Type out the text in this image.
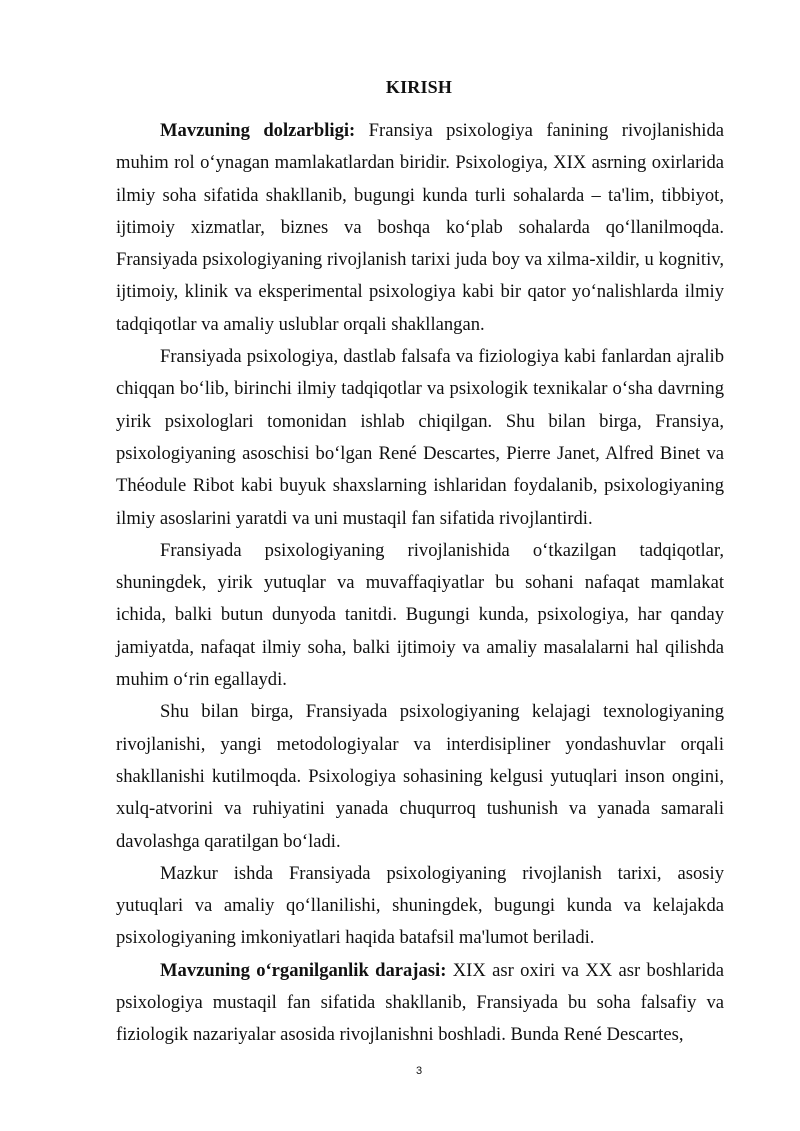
KIRISH

Mavzuning dolzarbligi: Fransiya psixologiya fanining rivojlanishida muhim rol o‘ynagan mamlakatlardan biridir. Psixologiya, XIX asrning oxirlarida ilmiy soha sifatida shakllanib, bugungi kunda turli sohalarda – ta'lim, tibbiyot, ijtimoiy xizmatlar, biznes va boshqa ko‘plab sohalarda qo‘llanilmoqda. Fransiyada psixologiyaning rivojlanish tarixi juda boy va xilma-xildir, u kognitiv, ijtimoiy, klinik va eksperimental psixologiya kabi bir qator yo‘nalishlarda ilmiy tadqiqotlar va amaliy uslublar orqali shakllangan.

Fransiyada psixologiya, dastlab falsafa va fiziologiya kabi fanlardan ajralib chiqqan bo‘lib, birinchi ilmiy tadqiqotlar va psixologik texnikalar o‘sha davrning yirik psixologlari tomonidan ishlab chiqilgan. Shu bilan birga, Fransiya, psixologiyaning asoschisi bo‘lgan René Descartes, Pierre Janet, Alfred Binet va Théodule Ribot kabi buyuk shaxslarning ishlaridan foydalanib, psixologiyaning ilmiy asoslarini yaratdi va uni mustaqil fan sifatida rivojlantirdi.

Fransiyada psixologiyaning rivojlanishida o‘tkazilgan tadqiqotlar, shuningdek, yirik yutuqlar va muvaffaqiyatlar bu sohani nafaqat mamlakat ichida, balki butun dunyoda tanitdi. Bugungi kunda, psixologiya, har qanday jamiyatda, nafaqat ilmiy soha, balki ijtimoiy va amaliy masalalarni hal qilishda muhim o‘rin egallaydi.

Shu bilan birga, Fransiyada psixologiyaning kelajagi texnologiyaning rivojlanishi, yangi metodologiyalar va interdisipliner yondashuvlar orqali shakllanishi kutilmoqda. Psixologiya sohasining kelgusi yutuqlari inson ongini, xulq-atvorini va ruhiyatini yanada chuqurroq tushunish va yanada samarali davolashga qaratilgan bo‘ladi.

Mazkur ishda Fransiyada psixologiyaning rivojlanish tarixi, asosiy yutuqlari va amaliy qo‘llanilishi, shuningdek, bugungi kunda va kelajakda psixologiyaning imkoniyatlari haqida batafsil ma'lumot beriladi.

Mavzuning o‘rganilganlik darajasi: XIX asr oxiri va XX asr boshlarida psixologiya mustaqil fan sifatida shakllanib, Fransiyada bu soha falsafiy va fiziologik nazariyalar asosida rivojlanishni boshladi. Bunda René Descartes,

3
